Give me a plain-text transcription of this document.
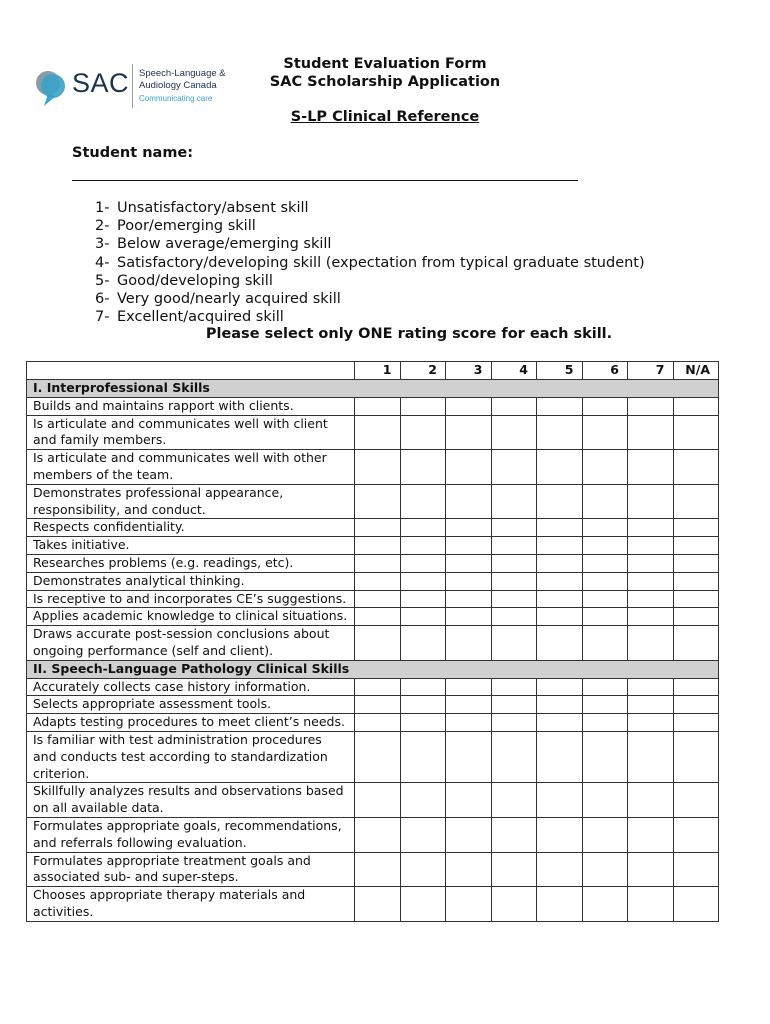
SAC Speech-Language & Audiology Canada
Communicating care
Student Evaluation Form
SAC Scholarship Application
S-LP Clinical Reference
Student name:
1- Unsatisfactory/absent skill
2- Poor/emerging skill
3- Below average/emerging skill
4- Satisfactory/developing skill (expectation from typical graduate student)
5- Good/developing skill
6- Very good/nearly acquired skill
7- Excellent/acquired skill
Please select only ONE rating score for each skill.
	1	2	3	4	5	6	7	N/A
I. Interprofessional Skills								
Builds and maintains rapport with clients.								
Is articulate and communicates well with client and family members.								
Is articulate and communicates well with other members of the team.								
Demonstrates professional appearance, responsibility, and conduct.								
Respects confidentiality.								
Takes initiative.								
Researches problems (e.g. readings, etc).								
Demonstrates analytical thinking.								
Is receptive to and incorporates CE’s suggestions.								
Applies academic knowledge to clinical situations.								
Draws accurate post-session conclusions about ongoing performance (self and client).								
II. Speech-Language Pathology Clinical Skills								
Accurately collects case history information.								
Selects appropriate assessment tools.								
Adapts testing procedures to meet client’s needs.								
Is familiar with test administration procedures and conducts test according to standardization criterion.								
Skillfully analyzes results and observations based on all available data.								
Formulates appropriate goals, recommendations, and referrals following evaluation.								
Formulates appropriate treatment goals and associated sub- and super-steps.								
Chooses appropriate therapy materials and activities.								
